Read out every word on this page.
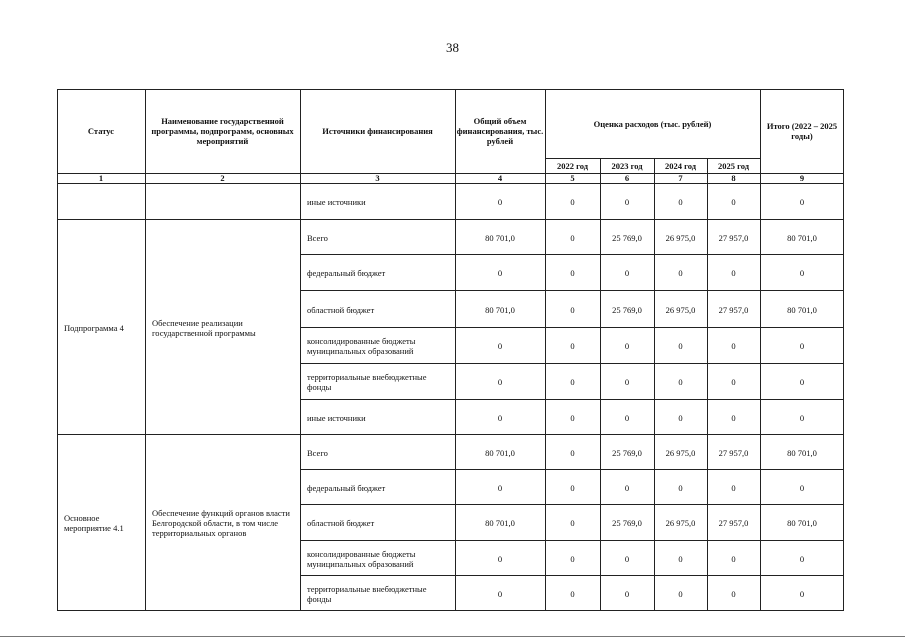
38
Статус
Наименование государственной программы, подпрограмм, основных мероприятий
Источники финансирования
Общий объем финансирования, тыс. рублей
Оценка расходов (тыс. рублей)
2022 год	2023 год	2024 год	2025 год
Итого (2022 – 2025 годы)
1	2	3	4	5	6	7	8	9
иные источники	0	0	0	0	0	0
Подпрограмма 4	Обеспечение реализации государственной программы
Всего	80 701,0	0	25 769,0	26 975,0	27 957,0	80 701,0
федеральный бюджет	0	0	0	0	0	0
областной бюджет	80 701,0	0	25 769,0	26 975,0	27 957,0	80 701,0
консолидированные бюджеты муниципальных образований	0	0	0	0	0	0
территориальные внебюджетные фонды	0	0	0	0	0	0
иные источники	0	0	0	0	0	0
Основное мероприятие 4.1
Обеспечение функций органов власти Белгородской области, в том числе территориальных органов
Всего	80 701,0	0	25 769,0	26 975,0	27 957,0	80 701,0
федеральный бюджет	0	0	0	0	0	0
областной бюджет	80 701,0	0	25 769,0	26 975,0	27 957,0	80 701,0
консолидированные бюджеты муниципальных образований	0	0	0	0	0	0
территориальные внебюджетные фонды	0	0	0	0	0	0
